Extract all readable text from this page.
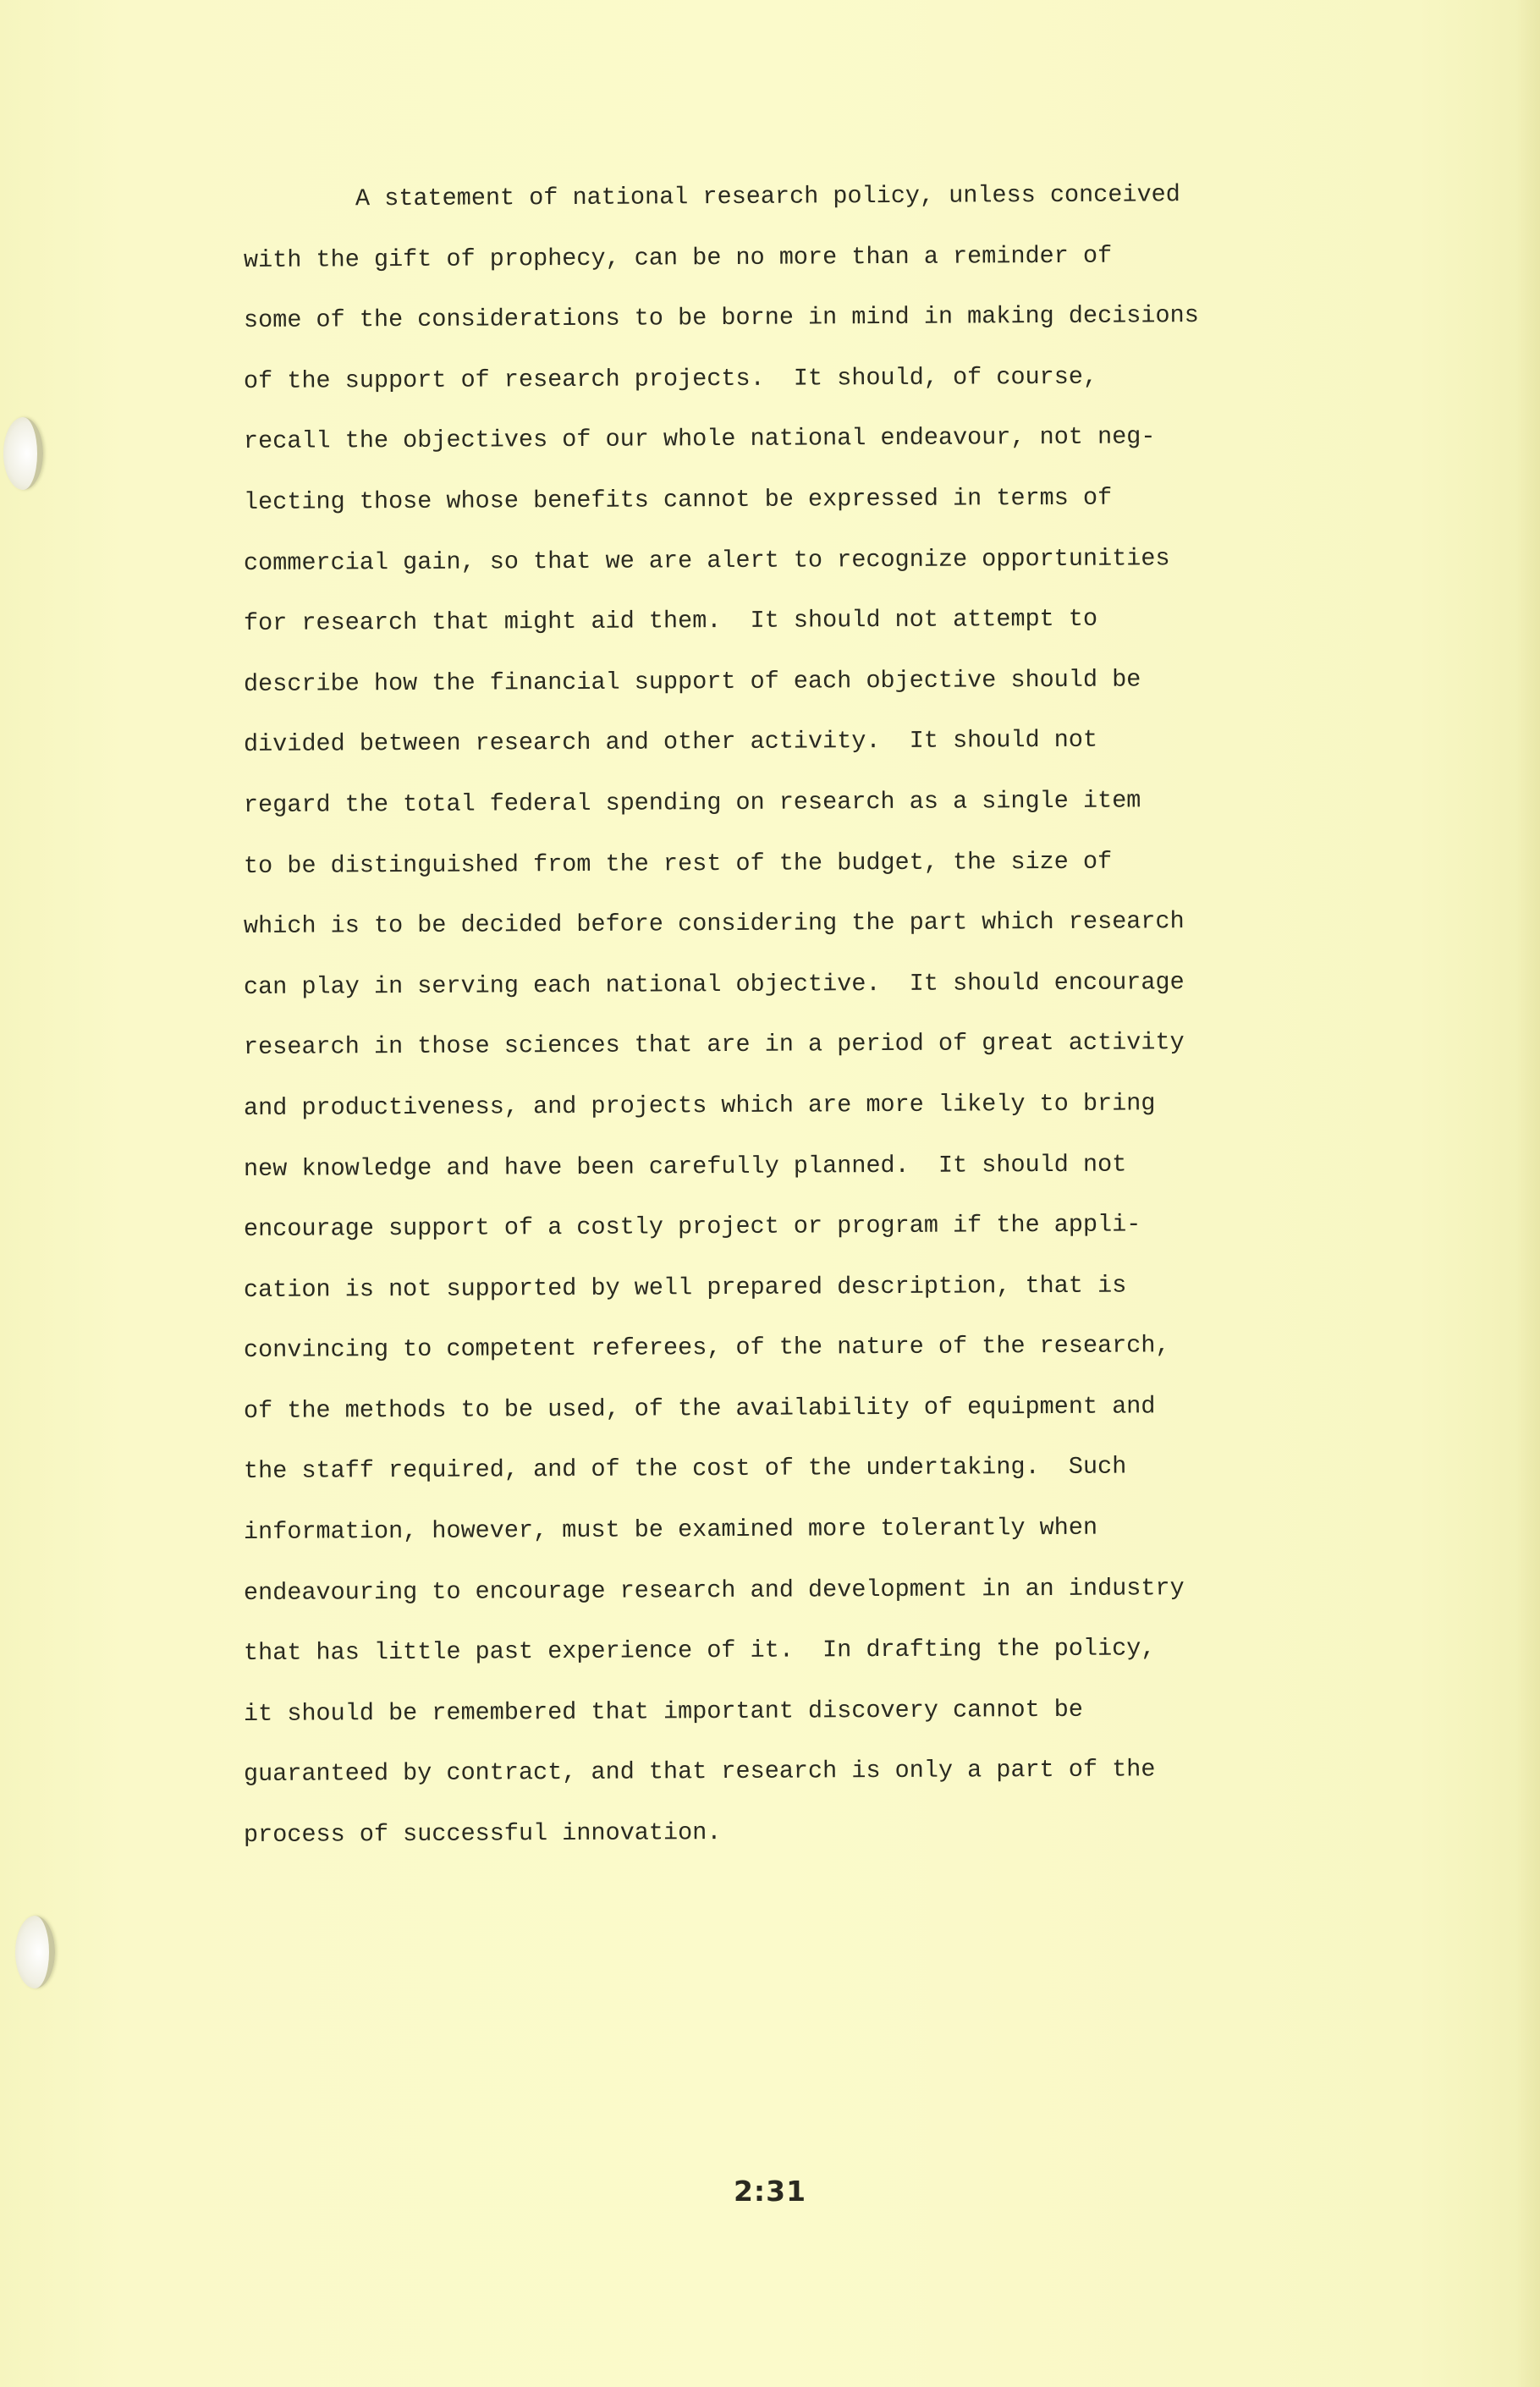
A statement of national research policy, unless conceived
with the gift of prophecy, can be no more than a reminder of
some of the considerations to be borne in mind in making decisions
of the support of research projects.  It should, of course,
recall the objectives of our whole national endeavour, not neg-
lecting those whose benefits cannot be expressed in terms of
commercial gain, so that we are alert to recognize opportunities
for research that might aid them.  It should not attempt to
describe how the financial support of each objective should be
divided between research and other activity.  It should not
regard the total federal spending on research as a single item
to be distinguished from the rest of the budget, the size of
which is to be decided before considering the part which research
can play in serving each national objective.  It should encourage
research in those sciences that are in a period of great activity
and productiveness, and projects which are more likely to bring
new knowledge and have been carefully planned.  It should not
encourage support of a costly project or program if the appli-
cation is not supported by well prepared description, that is
convincing to competent referees, of the nature of the research,
of the methods to be used, of the availability of equipment and
the staff required, and of the cost of the undertaking.  Such
information, however, must be examined more tolerantly when
endeavouring to encourage research and development in an industry
that has little past experience of it.  In drafting the policy,
it should be remembered that important discovery cannot be
guaranteed by contract, and that research is only a part of the
process of successful innovation.
2:31
